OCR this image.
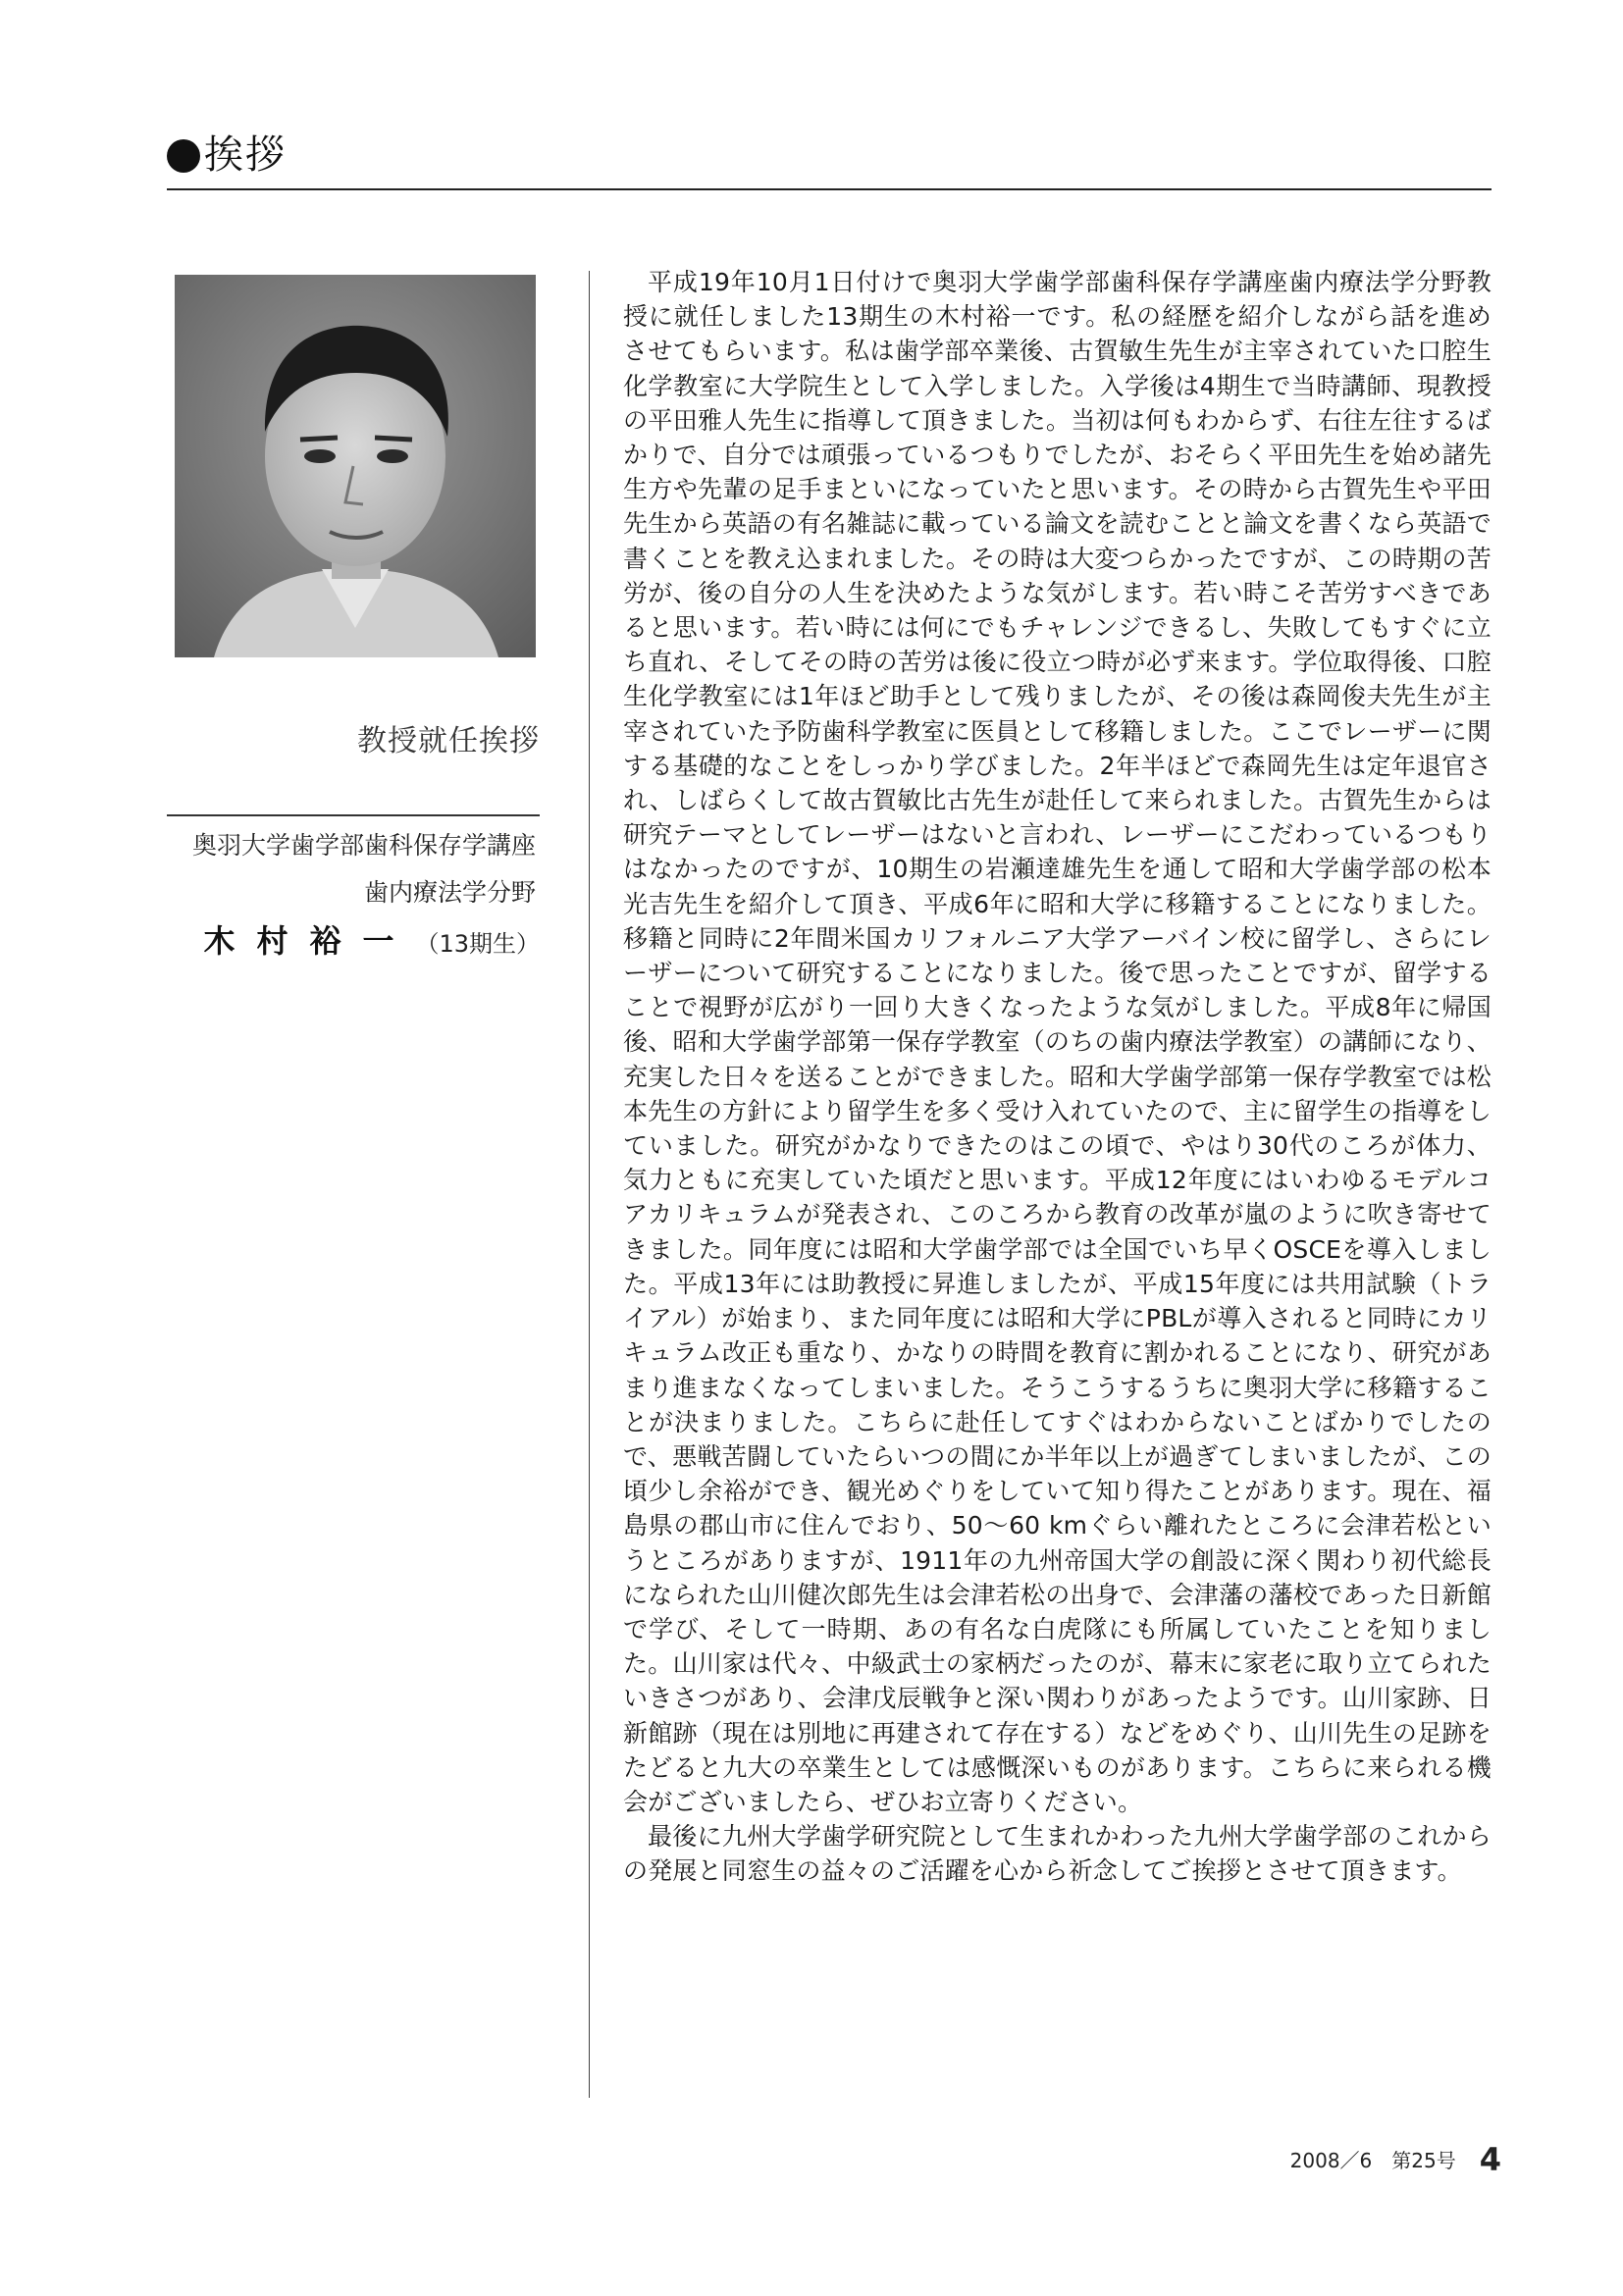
挨拶
教授就任挨拶
奥羽大学歯学部歯科保存学講座
歯内療法学分野
木村裕一（13期生）

平成19年10月1日付けで奥羽大学歯学部歯科保存学講座歯内療法学分野教授に就任しました13期生の木村裕一です。私の経歴を紹介しながら話を進めさせてもらいます。私は歯学部卒業後、古賀敏生先生が主宰されていた口腔生化学教室に大学院生として入学しました。入学後は4期生で当時講師、現教授の平田雅人先生に指導して頂きました。当初は何もわからず、右往左往するばかりで、自分では頑張っているつもりでしたが、おそらく平田先生を始め諸先生方や先輩の足手まといになっていたと思います。その時から古賀先生や平田先生から英語の有名雑誌に載っている論文を読むことと論文を書くなら英語で書くことを教え込まれました。その時は大変つらかったですが、この時期の苦労が、後の自分の人生を決めたような気がします。若い時こそ苦労すべきであると思います。若い時には何にでもチャレンジできるし、失敗してもすぐに立ち直れ、そしてその時の苦労は後に役立つ時が必ず来ます。学位取得後、口腔生化学教室には1年ほど助手として残りましたが、その後は森岡俊夫先生が主宰されていた予防歯科学教室に医員として移籍しました。ここでレーザーに関する基礎的なことをしっかり学びました。2年半ほどで森岡先生は定年退官され、しばらくして故古賀敏比古先生が赴任して来られました。古賀先生からは研究テーマとしてレーザーはないと言われ、レーザーにこだわっているつもりはなかったのですが、10期生の岩瀬達雄先生を通して昭和大学歯学部の松本光吉先生を紹介して頂き、平成6年に昭和大学に移籍することになりました。移籍と同時に2年間米国カリフォルニア大学アーバイン校に留学し、さらにレーザーについて研究することになりました。後で思ったことですが、留学することで視野が広がり一回り大きくなったような気がしました。平成8年に帰国後、昭和大学歯学部第一保存学教室（のちの歯内療法学教室）の講師になり、充実した日々を送ることができました。昭和大学歯学部第一保存学教室では松本先生の方針により留学生を多く受け入れていたので、主に留学生の指導をしていました。研究がかなりできたのはこの頃で、やはり30代のころが体力、気力ともに充実していた頃だと思います。平成12年度にはいわゆるモデルコアカリキュラムが発表され、このころから教育の改革が嵐のように吹き寄せてきました。同年度には昭和大学歯学部では全国でいち早くOSCEを導入しました。平成13年には助教授に昇進しましたが、平成15年度には共用試験（トライアル）が始まり、また同年度には昭和大学にPBLが導入されると同時にカリキュラム改正も重なり、かなりの時間を教育に割かれることになり、研究があまり進まなくなってしまいました。そうこうするうちに奥羽大学に移籍することが決まりました。こちらに赴任してすぐはわからないことばかりでしたので、悪戦苦闘していたらいつの間にか半年以上が過ぎてしまいましたが、この頃少し余裕ができ、観光めぐりをしていて知り得たことがあります。現在、福島県の郡山市に住んでおり、50〜60 kmぐらい離れたところに会津若松というところがありますが、1911年の九州帝国大学の創設に深く関わり初代総長になられた山川健次郎先生は会津若松の出身で、会津藩の藩校であった日新館で学び、そして一時期、あの有名な白虎隊にも所属していたことを知りました。山川家は代々、中級武士の家柄だったのが、幕末に家老に取り立てられたいきさつがあり、会津戊辰戦争と深い関わりがあったようです。山川家跡、日新館跡（現在は別地に再建されて存在する）などをめぐり、山川先生の足跡をたどると九大の卒業生としては感慨深いものがあります。こちらに来られる機会がございましたら、ぜひお立寄りください。

最後に九州大学歯学研究院として生まれかわった九州大学歯学部のこれからの発展と同窓生の益々のご活躍を心から祈念してご挨拶とさせて頂きます。

2008／6　第25号 4
